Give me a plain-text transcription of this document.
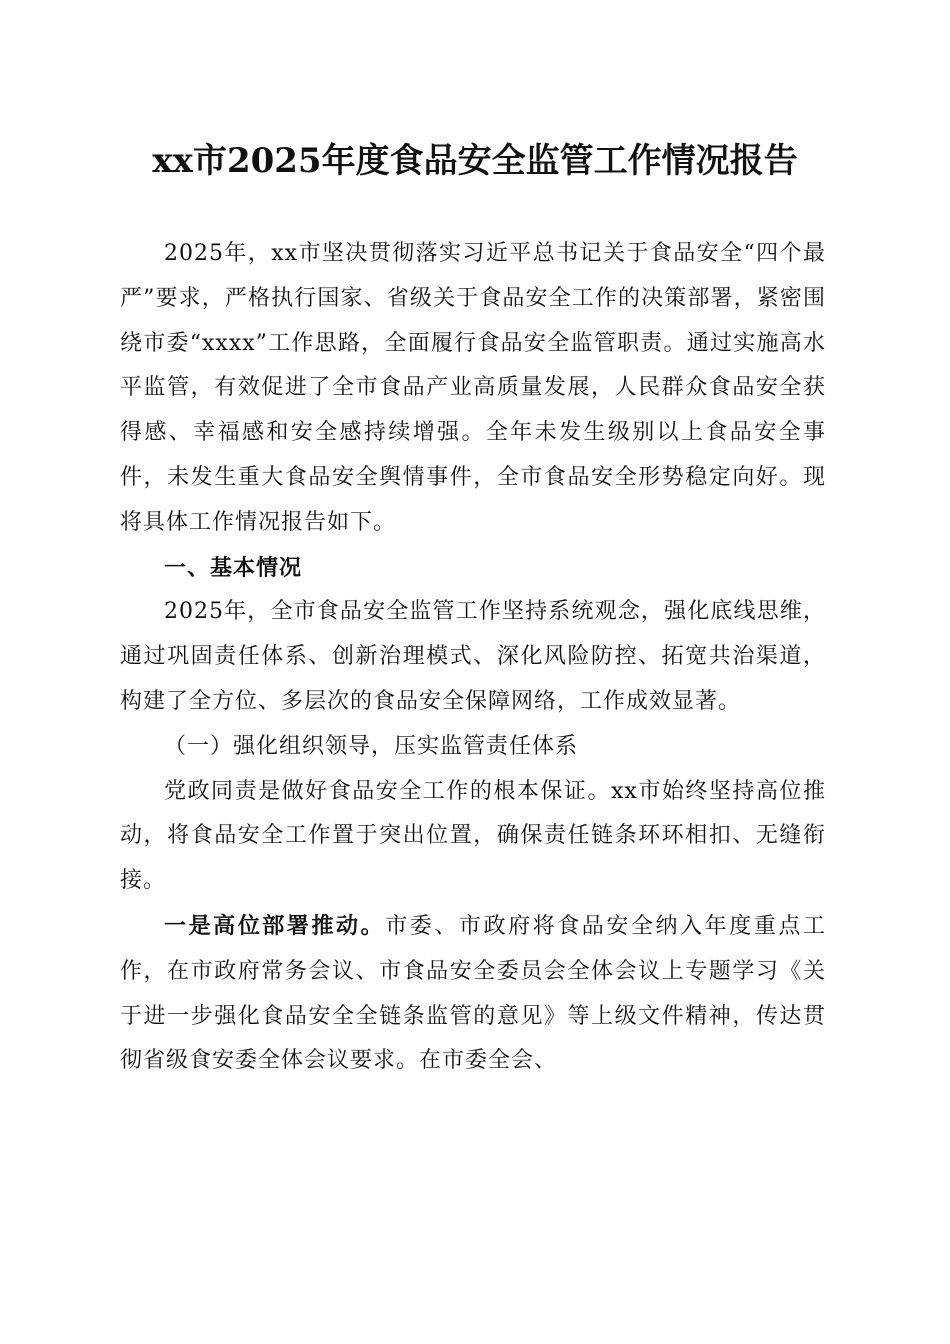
xx市2025年度食品安全监管工作情况报告

2025年，xx市坚决贯彻落实习近平总书记关于食品安全“四个最严”要求，严格执行国家、省级关于食品安全工作的决策部署，紧密围绕市委“xxxx”工作思路，全面履行食品安全监管职责。通过实施高水平监管，有效促进了全市食品产业高质量发展，人民群众食品安全获得感、幸福感和安全感持续增强。全年未发生级别以上食品安全事件，未发生重大食品安全舆情事件，全市食品安全形势稳定向好。现将具体工作情况报告如下。

一、基本情况

2025年，全市食品安全监管工作坚持系统观念，强化底线思维，通过巩固责任体系、创新治理模式、深化风险防控、拓宽共治渠道，构建了全方位、多层次的食品安全保障网络，工作成效显著。

（一）强化组织领导，压实监管责任体系

党政同责是做好食品安全工作的根本保证。xx市始终坚持高位推动，将食品安全工作置于突出位置，确保责任链条环环相扣、无缝衔接。

一是高位部署推动。市委、市政府将食品安全纳入年度重点工作，在市政府常务会议、市食品安全委员会全体会议上专题学习《关于进一步强化食品安全全链条监管的意见》等上级文件精神，传达贯彻省级食安委全体会议要求。在市委全会、
